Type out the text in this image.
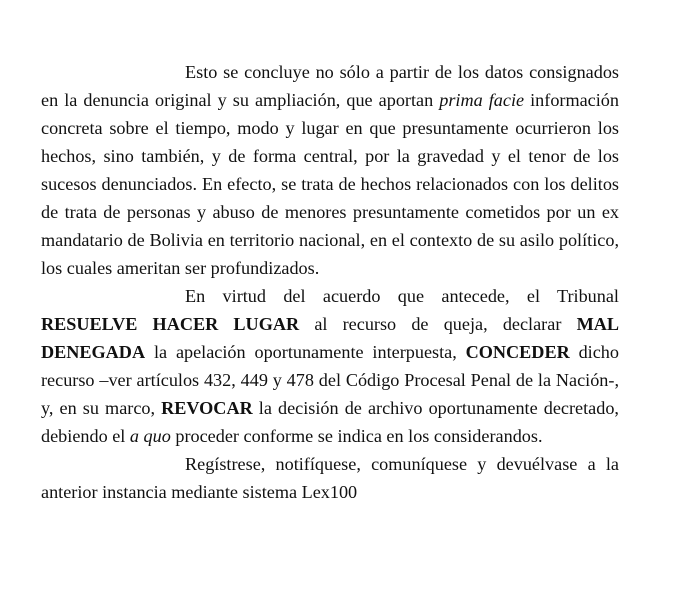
Esto se concluye no sólo a partir de los datos consignados en la denuncia original y su ampliación, que aportan prima facie información concreta sobre el tiempo, modo y lugar en que presuntamente ocurrieron los hechos, sino también, y de forma central, por la gravedad y el tenor de los sucesos denunciados. En efecto, se trata de hechos relacionados con los delitos de trata de personas y abuso de menores presuntamente cometidos por un ex mandatario de Bolivia en territorio nacional, en el contexto de su asilo político, los cuales ameritan ser profundizados.

En virtud del acuerdo que antecede, el Tribunal RESUELVE HACER LUGAR al recurso de queja, declarar MAL DENEGADA la apelación oportunamente interpuesta, CONCEDER dicho recurso –ver artículos 432, 449 y 478 del Código Procesal Penal de la Nación-, y, en su marco, REVOCAR la decisión de archivo oportunamente decretado, debiendo el a quo proceder conforme se indica en los considerandos.

Regístrese, notifíquese, comuníquese y devuélvase a la anterior instancia mediante sistema Lex100
